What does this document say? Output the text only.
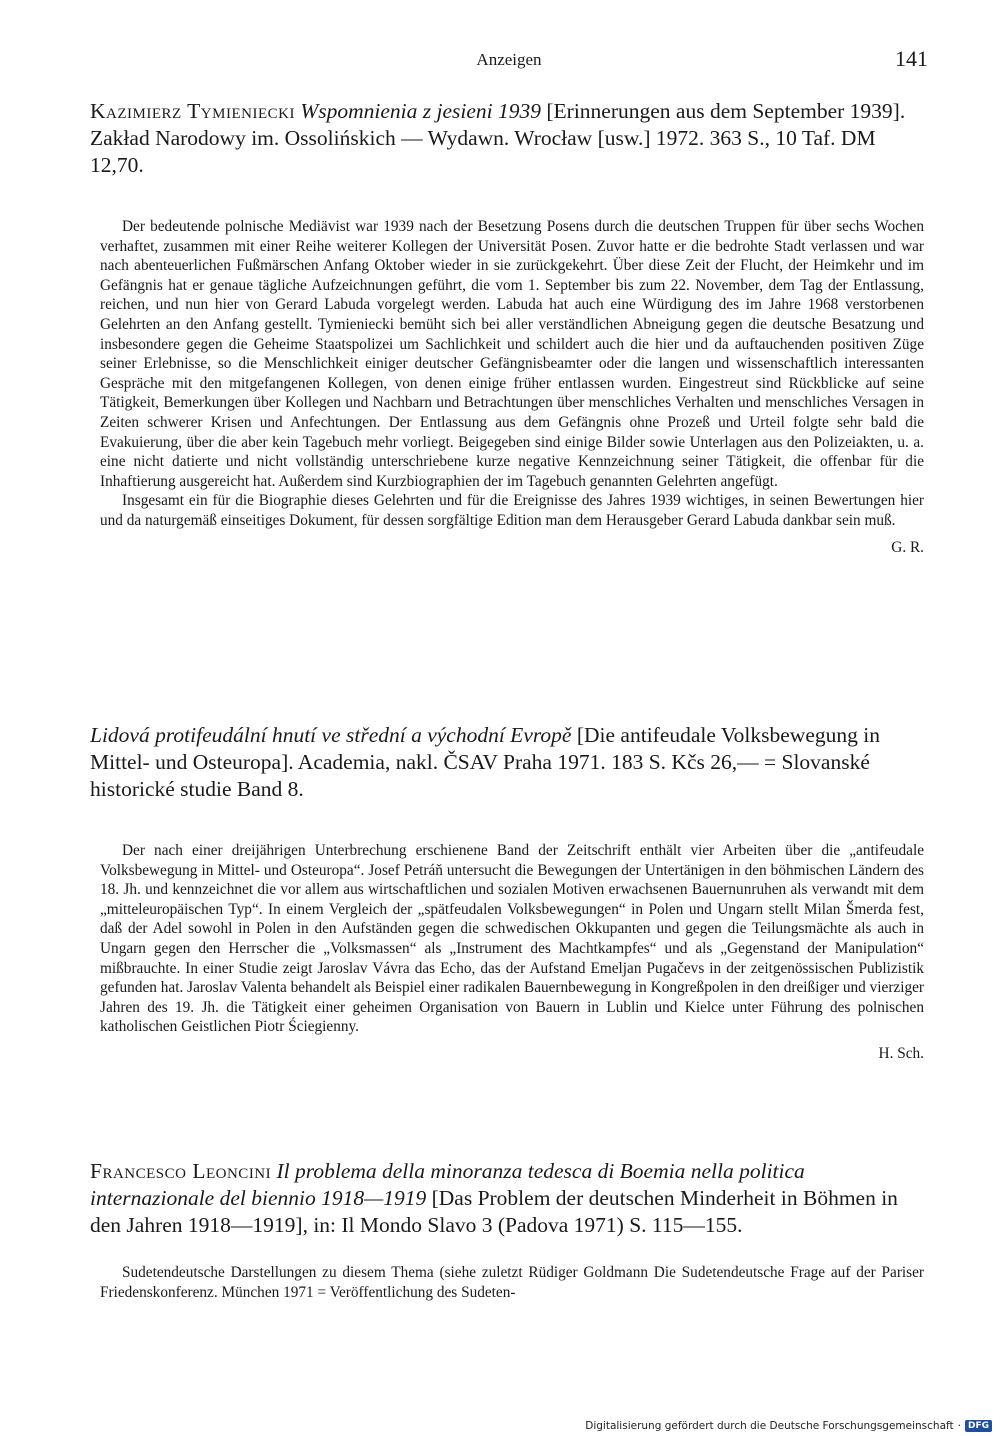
Anzeigen	141

Kazimierz Tymieniecki Wspomnienia z jesieni 1939 [Erinnerungen aus dem September 1939]. Zakład Narodowy im. Ossolińskich — Wydawn. Wrocław [usw.] 1972. 363 S., 10 Taf. DM 12,70.

Der bedeutende polnische Mediävist war 1939 nach der Besetzung Posens durch die deutschen Truppen für über sechs Wochen verhaftet, zusammen mit einer Reihe weiterer Kollegen der Universität Posen. Zuvor hatte er die bedrohte Stadt verlassen und war nach abenteuerlichen Fußmärschen Anfang Oktober wieder in sie zurückgekehrt. Über diese Zeit der Flucht, der Heimkehr und im Gefängnis hat er genaue tägliche Aufzeichnungen geführt, die vom 1. September bis zum 22. November, dem Tag der Entlassung, reichen, und nun hier von Gerard Labuda vorgelegt werden. Labuda hat auch eine Würdigung des im Jahre 1968 verstorbenen Gelehrten an den Anfang gestellt. Tymieniecki bemüht sich bei aller verständlichen Abneigung gegen die deutsche Besatzung und insbesondere gegen die Geheime Staatspolizei um Sachlichkeit und schildert auch die hier und da auftauchenden positiven Züge seiner Erlebnisse, so die Menschlichkeit einiger deutscher Gefängnisbeamter oder die langen und wissenschaftlich interessanten Gespräche mit den mitgefangenen Kollegen, von denen einige früher entlassen wurden. Eingestreut sind Rückblicke auf seine Tätigkeit, Bemerkungen über Kollegen und Nachbarn und Betrachtungen über menschliches Verhalten und menschliches Versagen in Zeiten schwerer Krisen und Anfechtungen. Der Entlassung aus dem Gefängnis ohne Prozeß und Urteil folgte sehr bald die Evakuierung, über die aber kein Tagebuch mehr vorliegt. Beigegeben sind einige Bilder sowie Unterlagen aus den Polizeiakten, u. a. eine nicht datierte und nicht vollständig unterschriebene kurze negative Kennzeichnung seiner Tätigkeit, die offenbar für die Inhaftierung ausgereicht hat. Außerdem sind Kurzbiographien der im Tagebuch genannten Gelehrten angefügt.

Insgesamt ein für die Biographie dieses Gelehrten und für die Ereignisse des Jahres 1939 wichtiges, in seinen Bewertungen hier und da naturgemäß einseitiges Dokument, für dessen sorgfältige Edition man dem Herausgeber Gerard Labuda dankbar sein muß.

G. R.

Lidová protifeudální hnutí ve střední a východní Evropě [Die antifeudale Volksbewegung in Mittel- und Osteuropa]. Academia, nakl. ČSAV Praha 1971. 183 S. Kčs 26,— = Slovanské historické studie Band 8.

Der nach einer dreijährigen Unterbrechung erschienene Band der Zeitschrift enthält vier Arbeiten über die „antifeudale Volksbewegung in Mittel- und Osteuropa“. Josef Petráň untersucht die Bewegungen der Untertänigen in den böhmischen Ländern des 18. Jh. und kennzeichnet die vor allem aus wirtschaftlichen und sozialen Motiven erwachsenen Bauernunruhen als verwandt mit dem „mitteleuropäischen Typ“. In einem Vergleich der „spätfeudalen Volksbewegungen“ in Polen und Ungarn stellt Milan Šmerda fest, daß der Adel sowohl in Polen in den Aufständen gegen die schwedischen Okkupanten und gegen die Teilungsmächte als auch in Ungarn gegen den Herrscher die „Volksmassen“ als „Instrument des Machtkampfes“ und als „Gegenstand der Manipulation“ mißbrauchte. In einer Studie zeigt Jaroslav Vávra das Echo, das der Aufstand Emeljan Pugačevs in der zeitgenössischen Publizistik gefunden hat. Jaroslav Valenta behandelt als Beispiel einer radikalen Bauernbewegung in Kongreßpolen in den dreißiger und vierziger Jahren des 19. Jh. die Tätigkeit einer geheimen Organisation von Bauern in Lublin und Kielce unter Führung des polnischen katholischen Geistlichen Piotr Ściegienny.

H. Sch.

Francesco Leoncini Il problema della minoranza tedesca di Boemia nella politica internazionale del biennio 1918—1919 [Das Problem der deutschen Minderheit in Böhmen in den Jahren 1918—1919], in: Il Mondo Slavo 3 (Padova 1971) S. 115—155.

Sudetendeutsche Darstellungen zu diesem Thema (siehe zuletzt Rüdiger Goldmann Die Sudetendeutsche Frage auf der Pariser Friedenskonferenz. München 1971 = Veröffentlichung des Sudeten-

Digitalisierung gefördert durch die Deutsche Forschungsgemeinschaft · DFG
